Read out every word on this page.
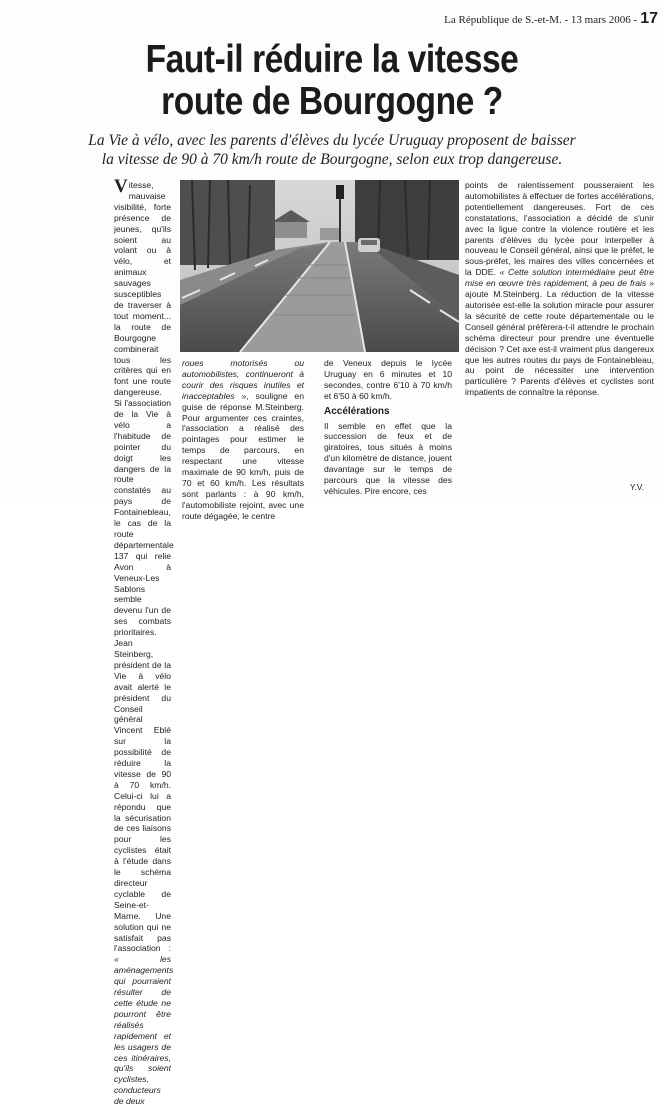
La République de S.-et-M. - 13 mars 2006 - 17
Faut-il réduire la vitesse
route de Bourgogne ?
La Vie à vélo, avec les parents d'élèves du lycée Uruguay proposent de baisser
la vitesse de 90 à 70 km/h route de Bourgogne, selon eux trop dangereuse.
Vitesse, mauvaise visibilité, forte présence de jeunes, qu'ils soient au volant ou à vélo, et animaux sauvages susceptibles de traverser à tout moment... la route de Bourgogne combinerait tous les critères qui en font une route dangereuse. Si l'association de la Vie à vélo a l'habitude de pointer du doigt les dangers de la route constatés au pays de Fontainebleau, le cas de la route départementale 137 qui relie Avon à Veneux-Les Sablons semble devenu l'un de ses combats prioritaires. Jean Steinberg, président de la Vie à vélo avait alerté le président du Conseil général Vincent Eblé sur la possibilité de réduire la vitesse de 90 à 70 km/h. Celui-ci lui a répondu que la sécurisation de ces liaisons pour les cyclistes était à l'étude dans le schéma directeur cyclable de Seine-et-Marne. Une solution qui ne satisfait pas l'association : « les aménagements qui pourraient résulter de cette étude ne pourront être réalisés rapidement et les usagers de ces itinéraires, qu'ils soient cyclistes, conducteurs de deux
roues motorisés ou automobilistes, continueront à courir des risques inutiles et inacceptables », souligne en guise de réponse M.Steinberg. Pour argumenter ces craintes, l'association a réalisé des pointages pour estimer le temps de parcours, en respectant une vitesse maximale de 90 km/h, puis de 70 et 60 km/h. Les résultats sont parlants : à 90 km/h, l'automobiliste rejoint, avec une route dégagée, le centre
de Veneux depuis le lycée Uruguay en 6 minutes et 10 secondes, contre 6'10 à 70 km/h et 6'50 à 60 km/h.
Accélérations
Il semble en effet que la succession de feux et de giratoires, tous situés à moins d'un kilomètre de distance, jouent davantage sur le temps de parcours que la vitesse des véhicules. Pire encore, ces
points de ralentissement pousseraient les automobilistes à effectuer de fortes accélérations, potentiellement dangereuses. Fort de ces constatations, l'association a décidé de s'unir avec la ligue contre la violence routière et les parents d'élèves du lycée pour interpeller à nouveau le Conseil général, ainsi que le préfet, le sous-préfet, les maires des villes concernées et la DDE. « Cette solution intermédiaire peut être mise en œuvre très rapidement, à peu de frais » ajoute M.Steinberg. La réduction de la vitesse autorisée est-elle la solution miracle pour assurer la sécurité de cette route départementale ou le Conseil général préfèrera-t-il attendre le prochain schéma directeur pour prendre une éventuelle décision ? Cet axe est-il vraiment plus dangereux que les autres routes du pays de Fontainebleau, au point de nécessiter une intervention particulière ? Parents d'élèves et cyclistes sont impatients de connaître la réponse.
Y.V.
